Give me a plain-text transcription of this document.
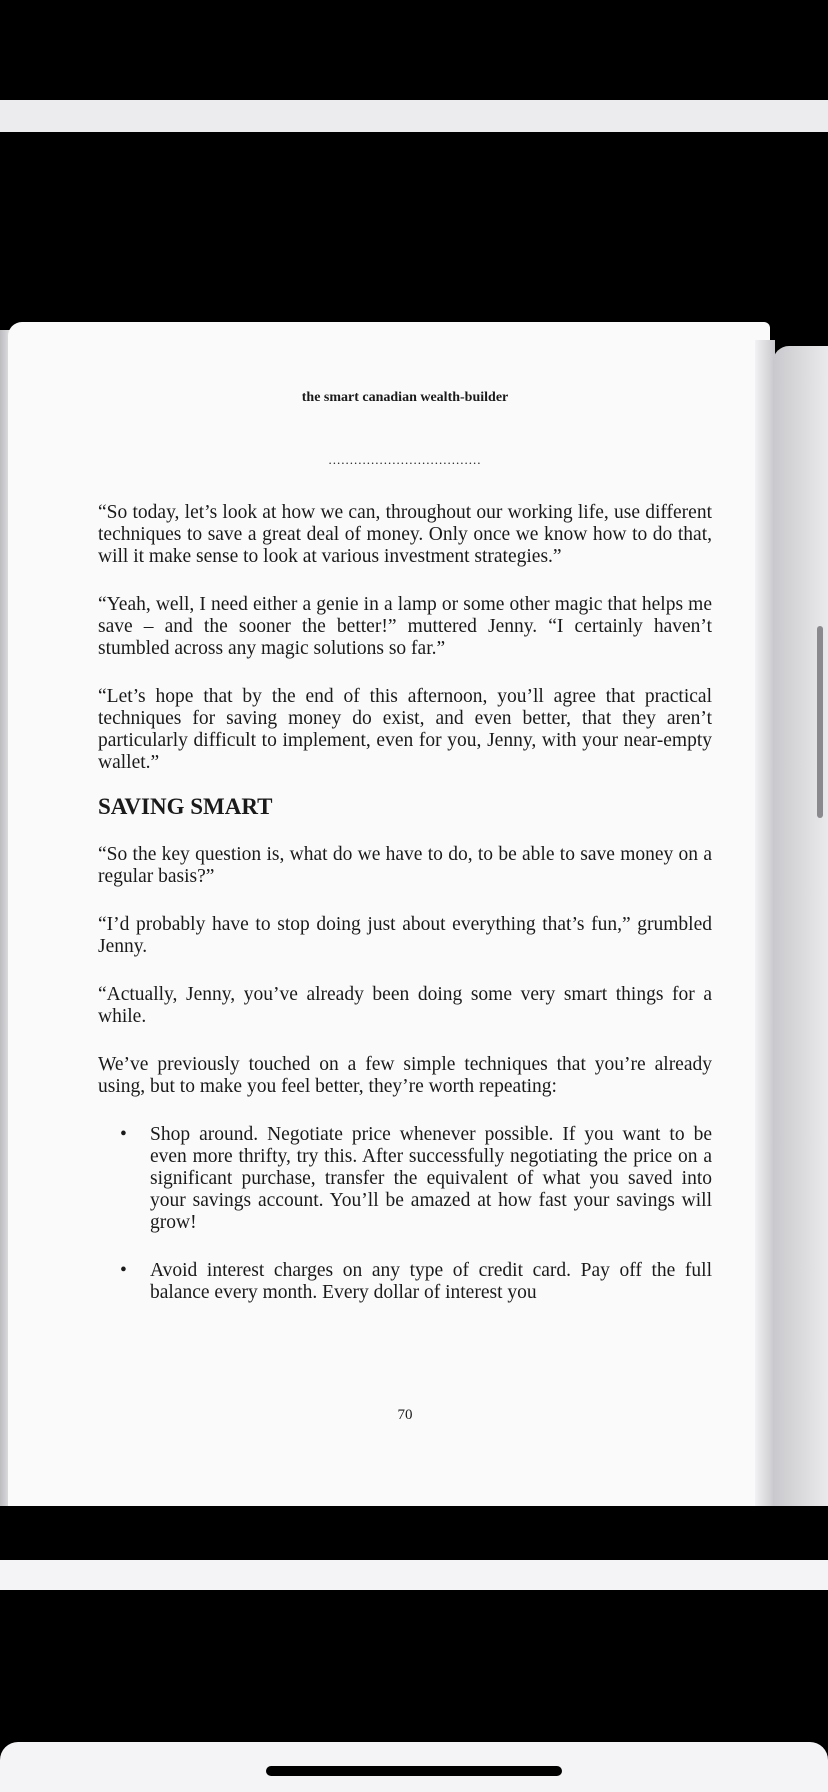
the smart canadian wealth-builder

....................................

“So today, let’s look at how we can, throughout our working life, use different techniques to save a great deal of money. Only once we know how to do that, will it make sense to look at various investment strategies.”

“Yeah, well, I need either a genie in a lamp or some other magic that helps me save – and the sooner the better!” muttered Jenny. “I certainly haven’t stumbled across any magic solutions so far.”

“Let’s hope that by the end of this afternoon, you’ll agree that practical techniques for saving money do exist, and even better, that they aren’t particularly difficult to implement, even for you, Jenny, with your near-empty wallet.”

SAVING SMART

“So the key question is, what do we have to do, to be able to save money on a regular basis?”

“I’d probably have to stop doing just about everything that’s fun,” grumbled Jenny.

“Actually, Jenny, you’ve already been doing some very smart things for a while.

We’ve previously touched on a few simple techniques that you’re already using, but to make you feel better, they’re worth repeating:

• Shop around. Negotiate price whenever possible. If you want to be even more thrifty, try this. After successfully negotiating the price on a significant purchase, transfer the equivalent of what you saved into your savings account. You’ll be amazed at how fast your savings will grow!
• Avoid interest charges on any type of credit card. Pay off the full balance every month. Every dollar of interest you
70
